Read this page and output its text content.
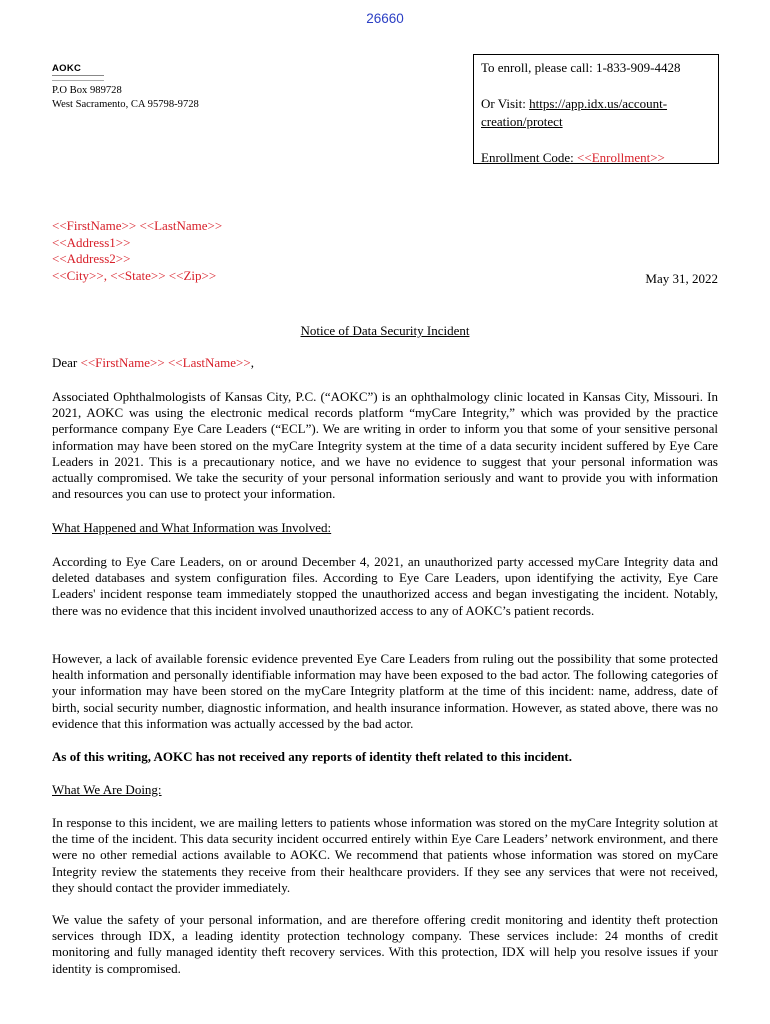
26660
AOKC
P.O Box 989728
West Sacramento, CA 95798-9728

To enroll, please call: 1-833-909-4428

Or Visit: https://app.idx.us/account-
creation/protect

Enrollment Code: <<Enrollment>>

<<FirstName>> <<LastName>>
<<Address1>>
<<Address2>>
<<City>>, <<State>> <<Zip>>	May 31, 2022
Notice of Data Security Incident
Dear <<FirstName>> <<LastName>>,

Associated Ophthalmologists of Kansas City, P.C. (“AOKC”) is an ophthalmology clinic located in Kansas City, Missouri. In 2021, AOKC was using the electronic medical records platform “myCare Integrity,” which was provided by the practice performance company Eye Care Leaders (“ECL”). We are writing in order to inform you that some of your sensitive personal information may have been stored on the myCare Integrity system at the time of a data security incident suffered by Eye Care Leaders in 2021. This is a precautionary notice, and we have no evidence to suggest that your personal information was actually compromised. We take the security of your personal information seriously and want to provide you with information and resources you can use to protect your information.

What Happened and What Information was Involved:

According to Eye Care Leaders, on or around December 4, 2021, an unauthorized party accessed myCare Integrity data and deleted databases and system configuration files. According to Eye Care Leaders, upon identifying the activity, Eye Care Leaders' incident response team immediately stopped the unauthorized access and began investigating the incident. Notably, there was no evidence that this incident involved unauthorized access to any of AOKC’s patient records.

However, a lack of available forensic evidence prevented Eye Care Leaders from ruling out the possibility that some protected health information and personally identifiable information may have been exposed to the bad actor. The following categories of your information may have been stored on the myCare Integrity platform at the time of this incident: name, address, date of birth, social security number, diagnostic information, and health insurance information. However, as stated above, there was no evidence that this information was actually accessed by the bad actor.

As of this writing, AOKC has not received any reports of identity theft related to this incident.

What We Are Doing:

In response to this incident, we are mailing letters to patients whose information was stored on the myCare Integrity solution at the time of the incident. This data security incident occurred entirely within Eye Care Leaders’ network environment, and there were no other remedial actions available to AOKC. We recommend that patients whose information was stored on myCare Integrity review the statements they receive from their healthcare providers. If they see any services that were not received, they should contact the provider immediately.

We value the safety of your personal information, and are therefore offering credit monitoring and identity theft protection services through IDX, a leading identity protection technology company. These services include: 24 months of credit monitoring and fully managed identity theft recovery services. With this protection, IDX will help you resolve issues if your identity is compromised.
